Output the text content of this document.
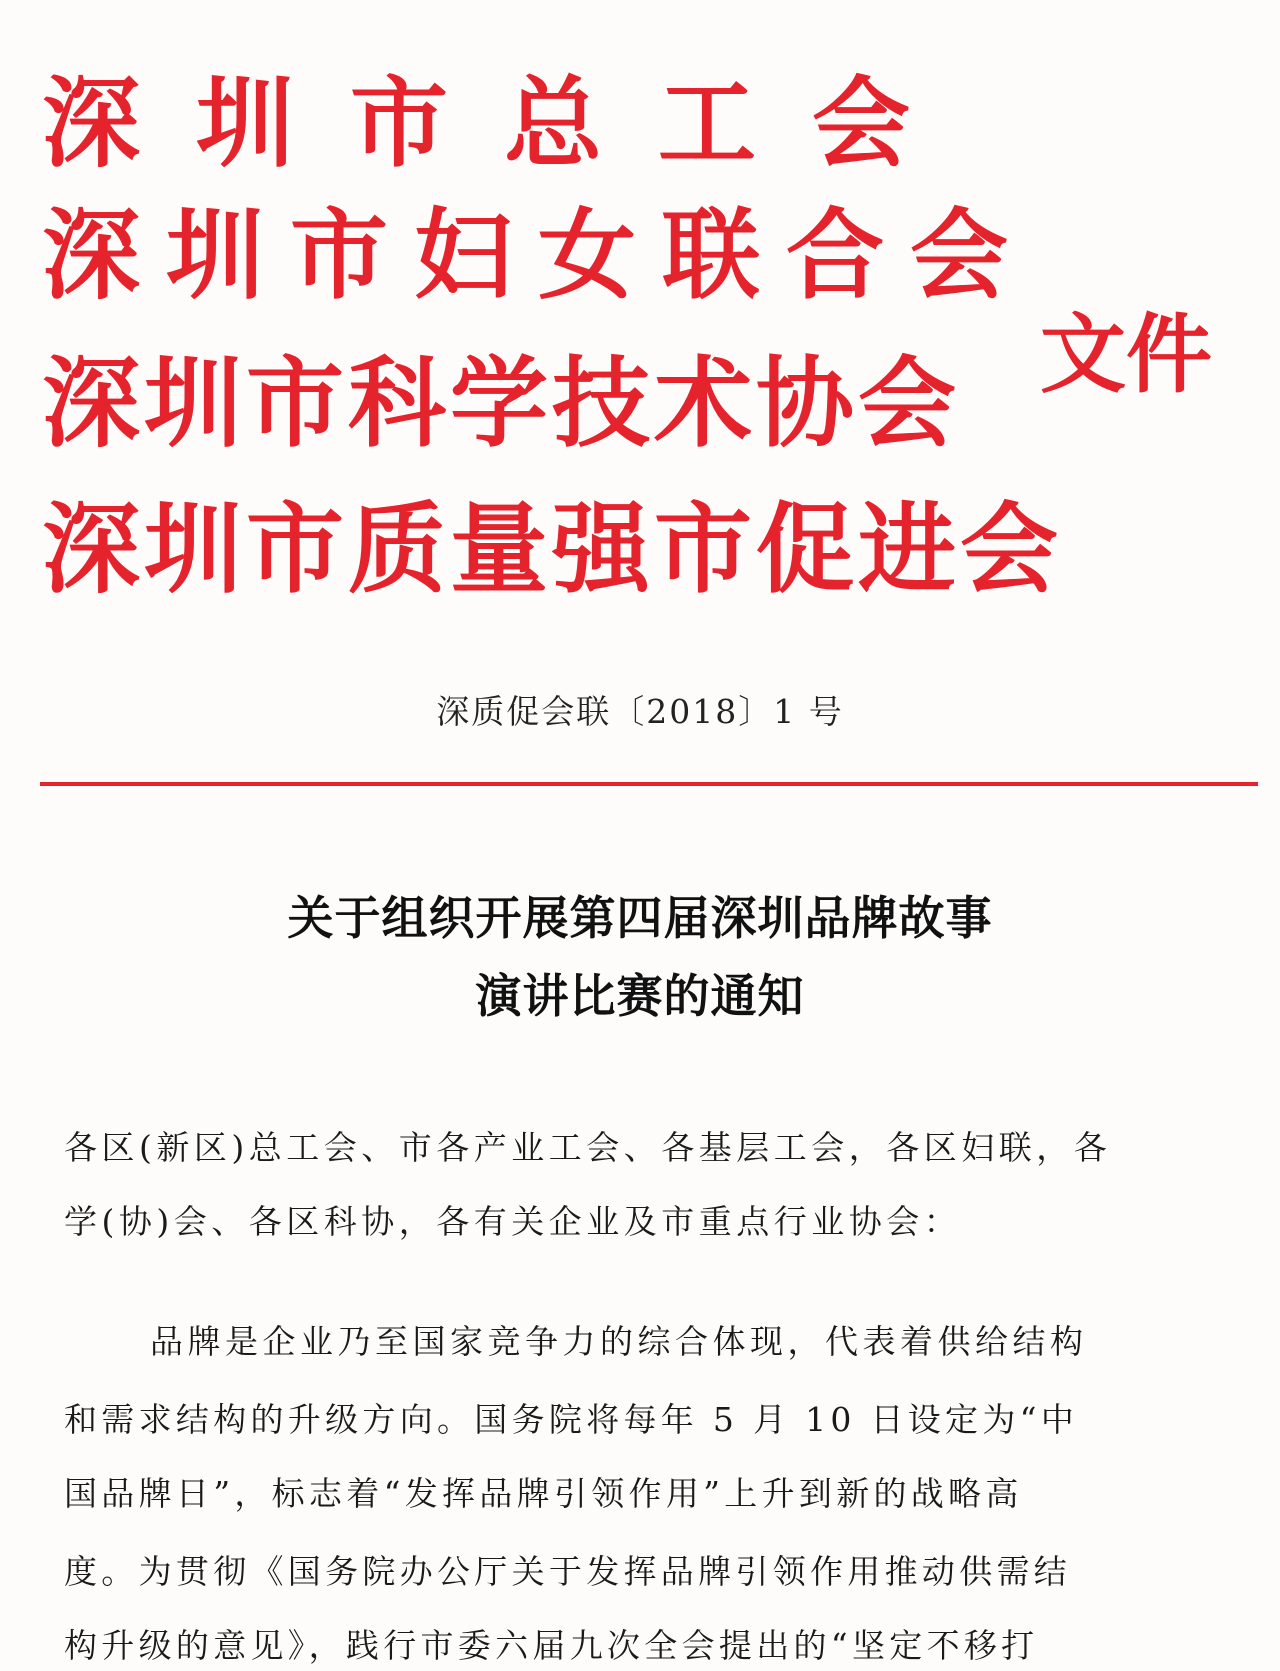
深圳市总工会
深圳市妇女联合会
深圳市科学技术协会
深圳市质量强市促进会
文件
深质促会联〔2018〕1 号
关于组织开展第四届深圳品牌故事
演讲比赛的通知
各区(新区)总工会、市各产业工会、各基层工会，各区妇联，各
学(协)会、各区科协，各有关企业及市重点行业协会：
品牌是企业乃至国家竞争力的综合体现，代表着供给结构
和需求结构的升级方向。国务院将每年 5 月 10 日设定为“中
国品牌日”，标志着“发挥品牌引领作用”上升到新的战略高
度。为贯彻《国务院办公厅关于发挥品牌引领作用推动供需结
构升级的意见》，践行市委六届九次全会提出的“坚定不移打
